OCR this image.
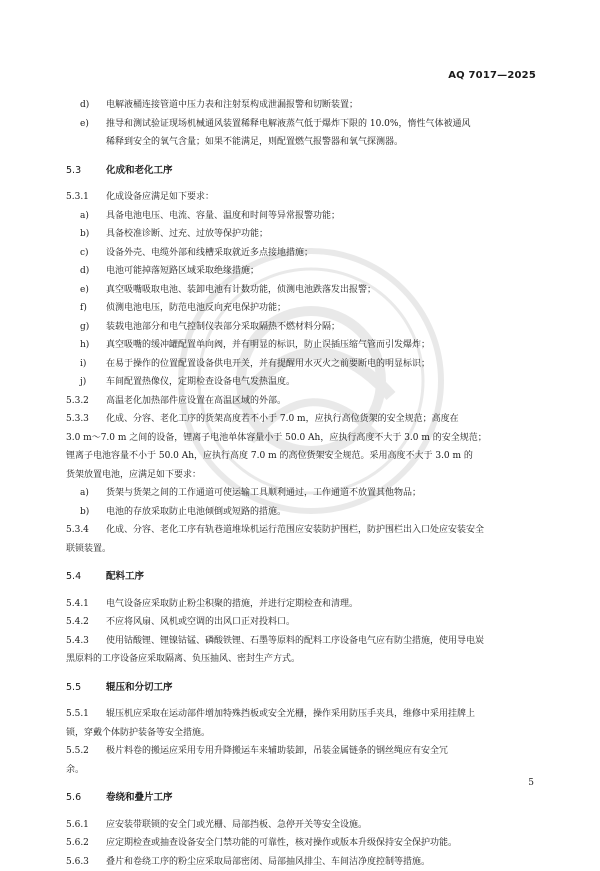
AQ 7017—2025
d)	电解液桶连接管道中压力表和注射泵构成泄漏报警和切断装置；
e)	推导和测试验证现场机械通风装置稀释电解液蒸气低于爆炸下限的 10.0%，惰性气体被通风
稀释到安全的氧气含量；如果不能满足，则配置燃气报警器和氧气探测器。
5.3	化成和老化工序
5.3.1	化成设备应满足如下要求：
a)	具备电池电压、电流、容量、温度和时间等异常报警功能；
b)	具备校准诊断、过充、过放等保护功能；
c)	设备外壳、电缆外部和线槽采取就近多点接地措施；
d)	电池可能掉落短路区域采取绝缘措施；
e)	真空吸嘴吸取电池、装卸电池有计数功能，侦测电池跌落发出报警；
f)	侦测电池电压，防范电池反向充电保护功能；
g)	装载电池部分和电气控制仪表部分采取隔热不燃材料分隔；
h)	真空吸嘴的缓冲罐配置单向阀，并有明显的标识，防止误插压缩气管而引发爆炸；
i)	在易于操作的位置配置设备供电开关，并有提醒用水灭火之前要断电的明显标识；
j)	车间配置热像仪，定期检查设备电气发热温度。
5.3.2	高温老化加热部件应设置在高温区域的外部。
5.3.3	化成、分容、老化工序的货架高度若不小于 7.0 m，应执行高位货架的安全规范；高度在
3.0 m～7.0 m 之间的设备，锂离子电池单体容量小于 50.0 Ah，应执行高度不大于 3.0 m 的安全规范；
锂离子电池容量不小于 50.0 Ah，应执行高度 7.0 m 的高位货架安全规范。采用高度不大于 3.0 m 的
货架放置电池，应满足如下要求：
a)	货架与货架之间的工作通道可使运输工具顺利通过，工作通道不放置其他物品；
b)	电池的存放采取防止电池倾倒或短路的措施。
5.3.4	化成、分容、老化工序有轨巷道堆垛机运行范围应安装防护围栏，防护围栏出入口处应安装安全
联锁装置。
5.4	配料工序
5.4.1	电气设备应采取防止粉尘积聚的措施，并进行定期检查和清理。
5.4.2	不应将风扇、风机或空调的出风口正对投料口。
5.4.3	使用钴酸锂、锂镍钴锰、磷酸铁锂、石墨等原料的配料工序设备电气应有防尘措施，使用导电炭
黑原料的工序设备应采取隔离、负压抽风、密封生产方式。
5.5	辊压和分切工序
5.5.1	辊压机应采取在运动部件增加特殊挡板或安全光栅，操作采用防压手夹具，维修中采用挂牌上
锁，穿戴个体防护装备等安全措施。
5.5.2	极片料卷的搬运应采用专用升降搬运车来辅助装卸，吊装金属链条的钢丝绳应有安全冗
余。
5.6	卷绕和叠片工序
5.6.1	应安装带联锁的安全门或光栅、局部挡板、急停开关等安全设施。
5.6.2	应定期检查或抽查设备安全门禁功能的可靠性，核对操作或版本升级保持安全保护功能。
5.6.3	叠片和卷绕工序的粉尘应采取局部密闭、局部抽风排尘、车间洁净度控制等措施。
5
